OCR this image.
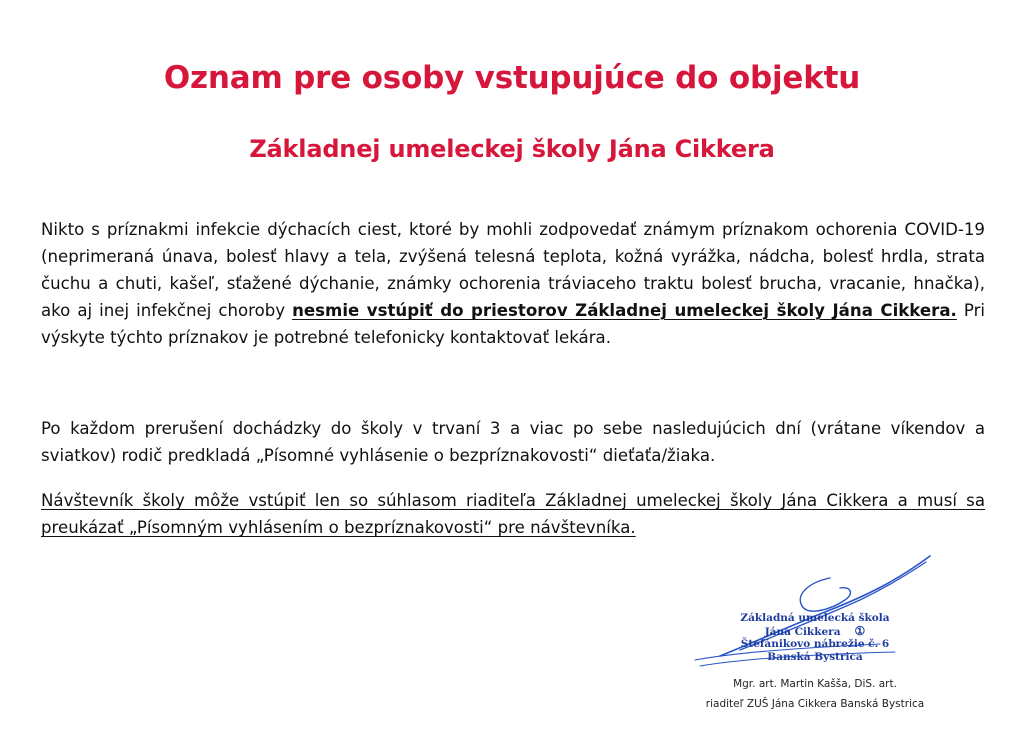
Oznam pre osoby vstupujúce do objektu
Základnej umeleckej školy Jána Cikkera
Nikto s príznakmi infekcie dýchacích ciest, ktoré by mohli zodpovedať známym príznakom ochorenia COVID-19 (neprimeraná únava, bolesť hlavy a tela, zvýšená telesná teplota, kožná vyrážka, nádcha, bolesť hrdla, strata čuchu a chuti, kašeľ, sťažené dýchanie, známky ochorenia tráviaceho traktu bolesť brucha, vracanie, hnačka), ako aj inej infekčnej choroby nesmie vstúpiť do priestorov Základnej umeleckej školy Jána Cikkera. Pri výskyte týchto príznakov je potrebné telefonicky kontaktovať lekára.
Po každom prerušení dochádzky do školy v trvaní 3 a viac po sebe nasledujúcich dní (vrátane víkendov a sviatkov) rodič predkladá „Písomné vyhlásenie o bezpríznakovosti“ dieťaťa/žiaka.
Návštevník školy môže vstúpiť len so súhlasom riaditeľa Základnej umeleckej školy Jána Cikkera a musí sa preukázať „Písomným vyhlásením o bezpríznakovosti“ pre návštevníka.
Základná umelecká škola
Jána Cikkera ①
Štefánikovo nábrežie č. 6
Banská Bystrica
Mgr. art. Martin Kašša, DiS. art.
riaditeľ ZUŠ Jána Cikkera Banská Bystrica
